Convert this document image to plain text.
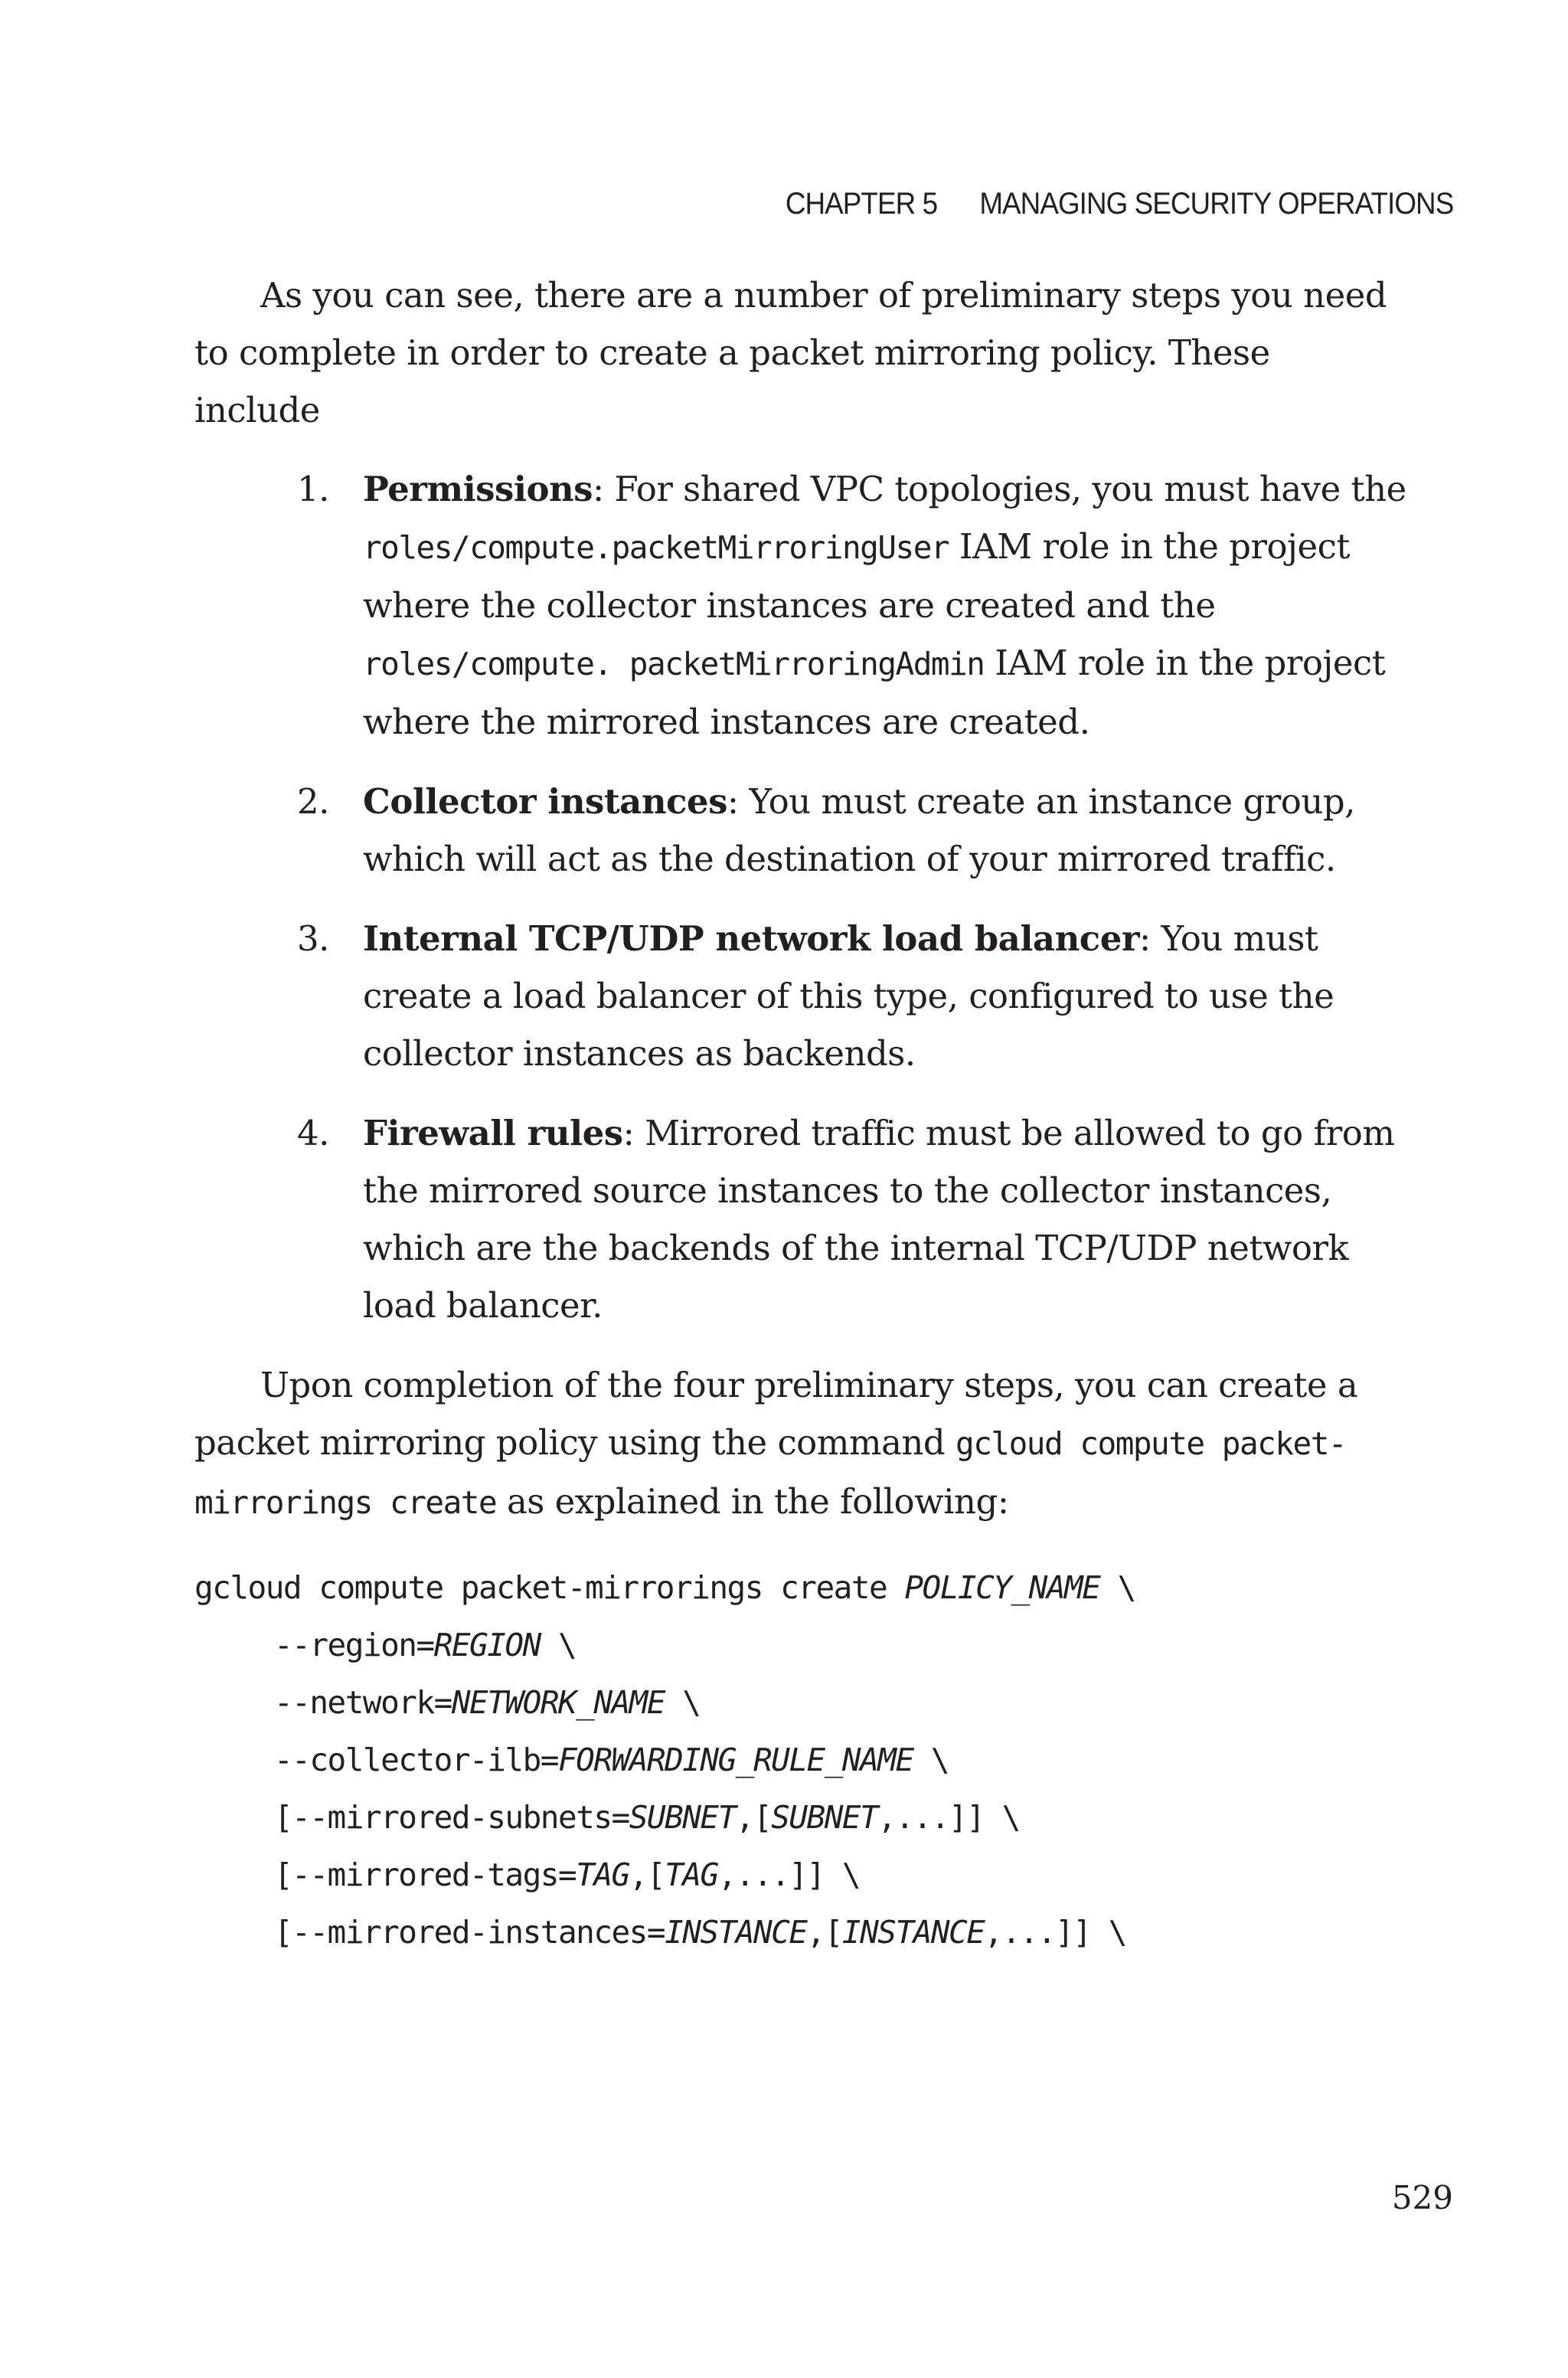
CHAPTER 5 MANAGING SECURITY OPERATIONS

As you can see, there are a number of preliminary steps you need to complete in order to create a packet mirroring policy. These include

1. Permissions: For shared VPC topologies, you must have the roles/compute.packetMirroringUser IAM role in the project where the collector instances are created and the roles/compute. packetMirroringAdmin IAM role in the project where the mirrored instances are created.
2. Collector instances: You must create an instance group, which will act as the destination of your mirrored traffic.
3. Internal TCP/UDP network load balancer: You must create a load balancer of this type, configured to use the collector instances as backends.
4. Firewall rules: Mirrored traffic must be allowed to go from the mirrored source instances to the collector instances, which are the backends of the internal TCP/UDP network load balancer.

Upon completion of the four preliminary steps, you can create a packet mirroring policy using the command gcloud compute packet-mirrorings create as explained in the following:

gcloud compute packet-mirrorings create POLICY_NAME \
--region=REGION \
--network=NETWORK_NAME \
--collector-ilb=FORWARDING_RULE_NAME \
[--mirrored-subnets=SUBNET,[SUBNET,...]] \
[--mirrored-tags=TAG,[TAG,...]] \
[--mirrored-instances=INSTANCE,[INSTANCE,...]] \
529
